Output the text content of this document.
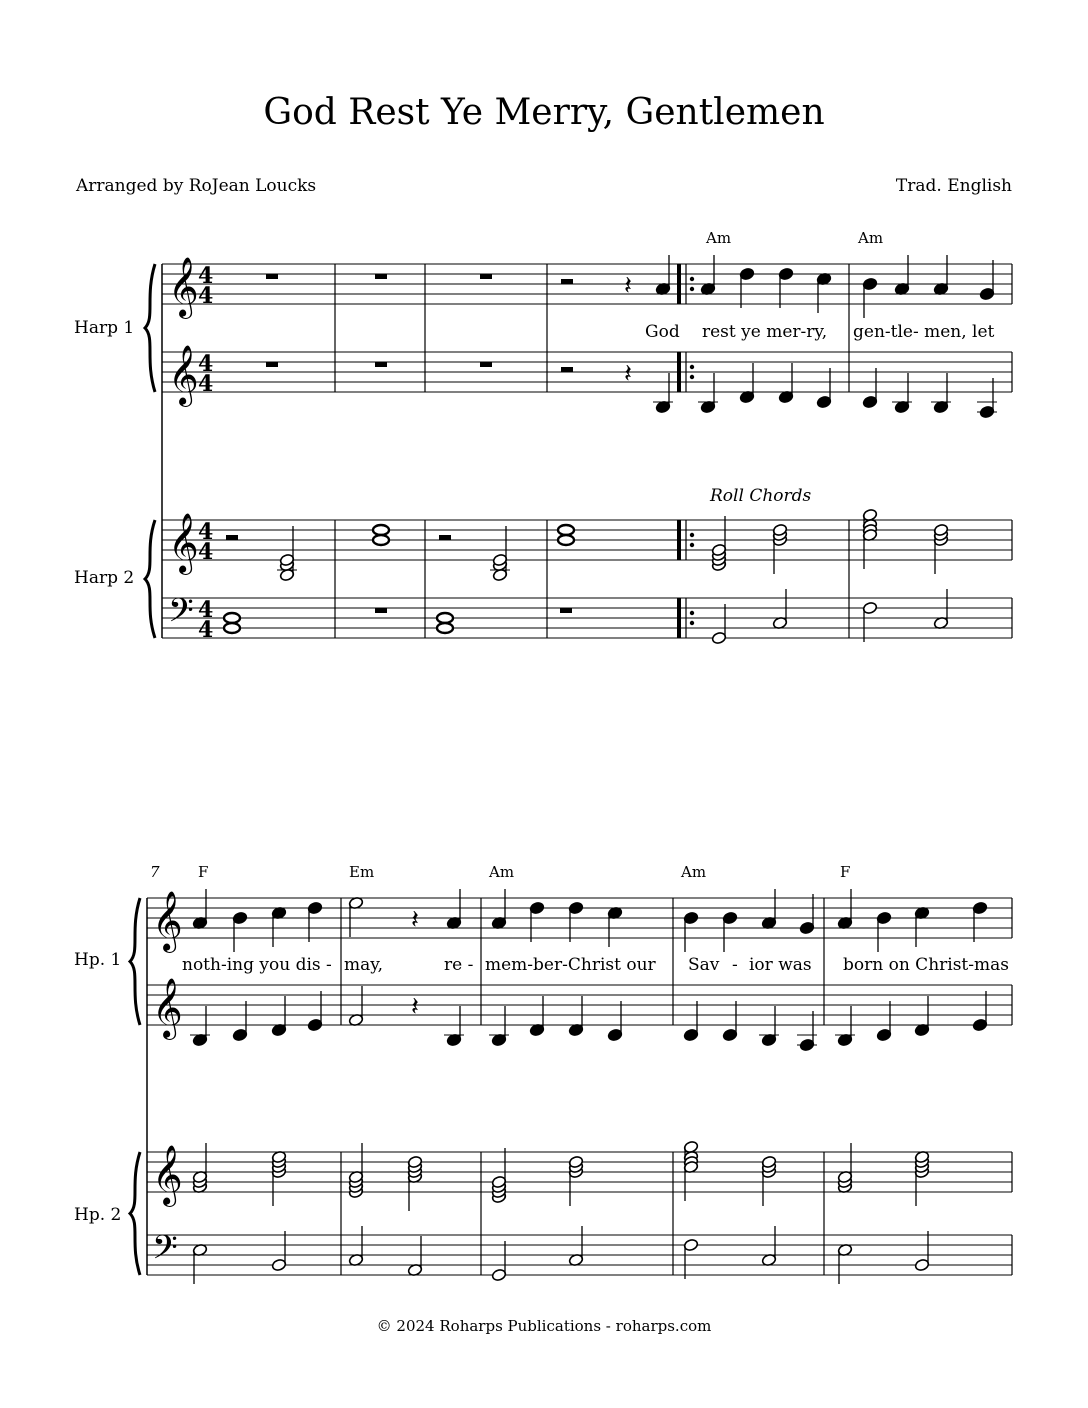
God Rest Ye Merry, Gentlemen
Arranged by RoJean Loucks	Trad. English
𝄞
𝄞
𝄞
𝄢
4
4
4
4
4
4
4
4
𝄽
𝄽
𝄞
𝄞
𝄞
𝄢
𝄽
𝄽
Harp 1
Harp 2
Am	Am
Roll Chords
God rest ye mer-ry, gen-tle- men, let
7
Hp. 1
Hp. 2
F	Em	Am	Am	F
noth-ing you dis - may,	re - mem-ber-Christ our Sav - ior was born on Christ-mas
© 2024 Roharps Publications - roharps.com
